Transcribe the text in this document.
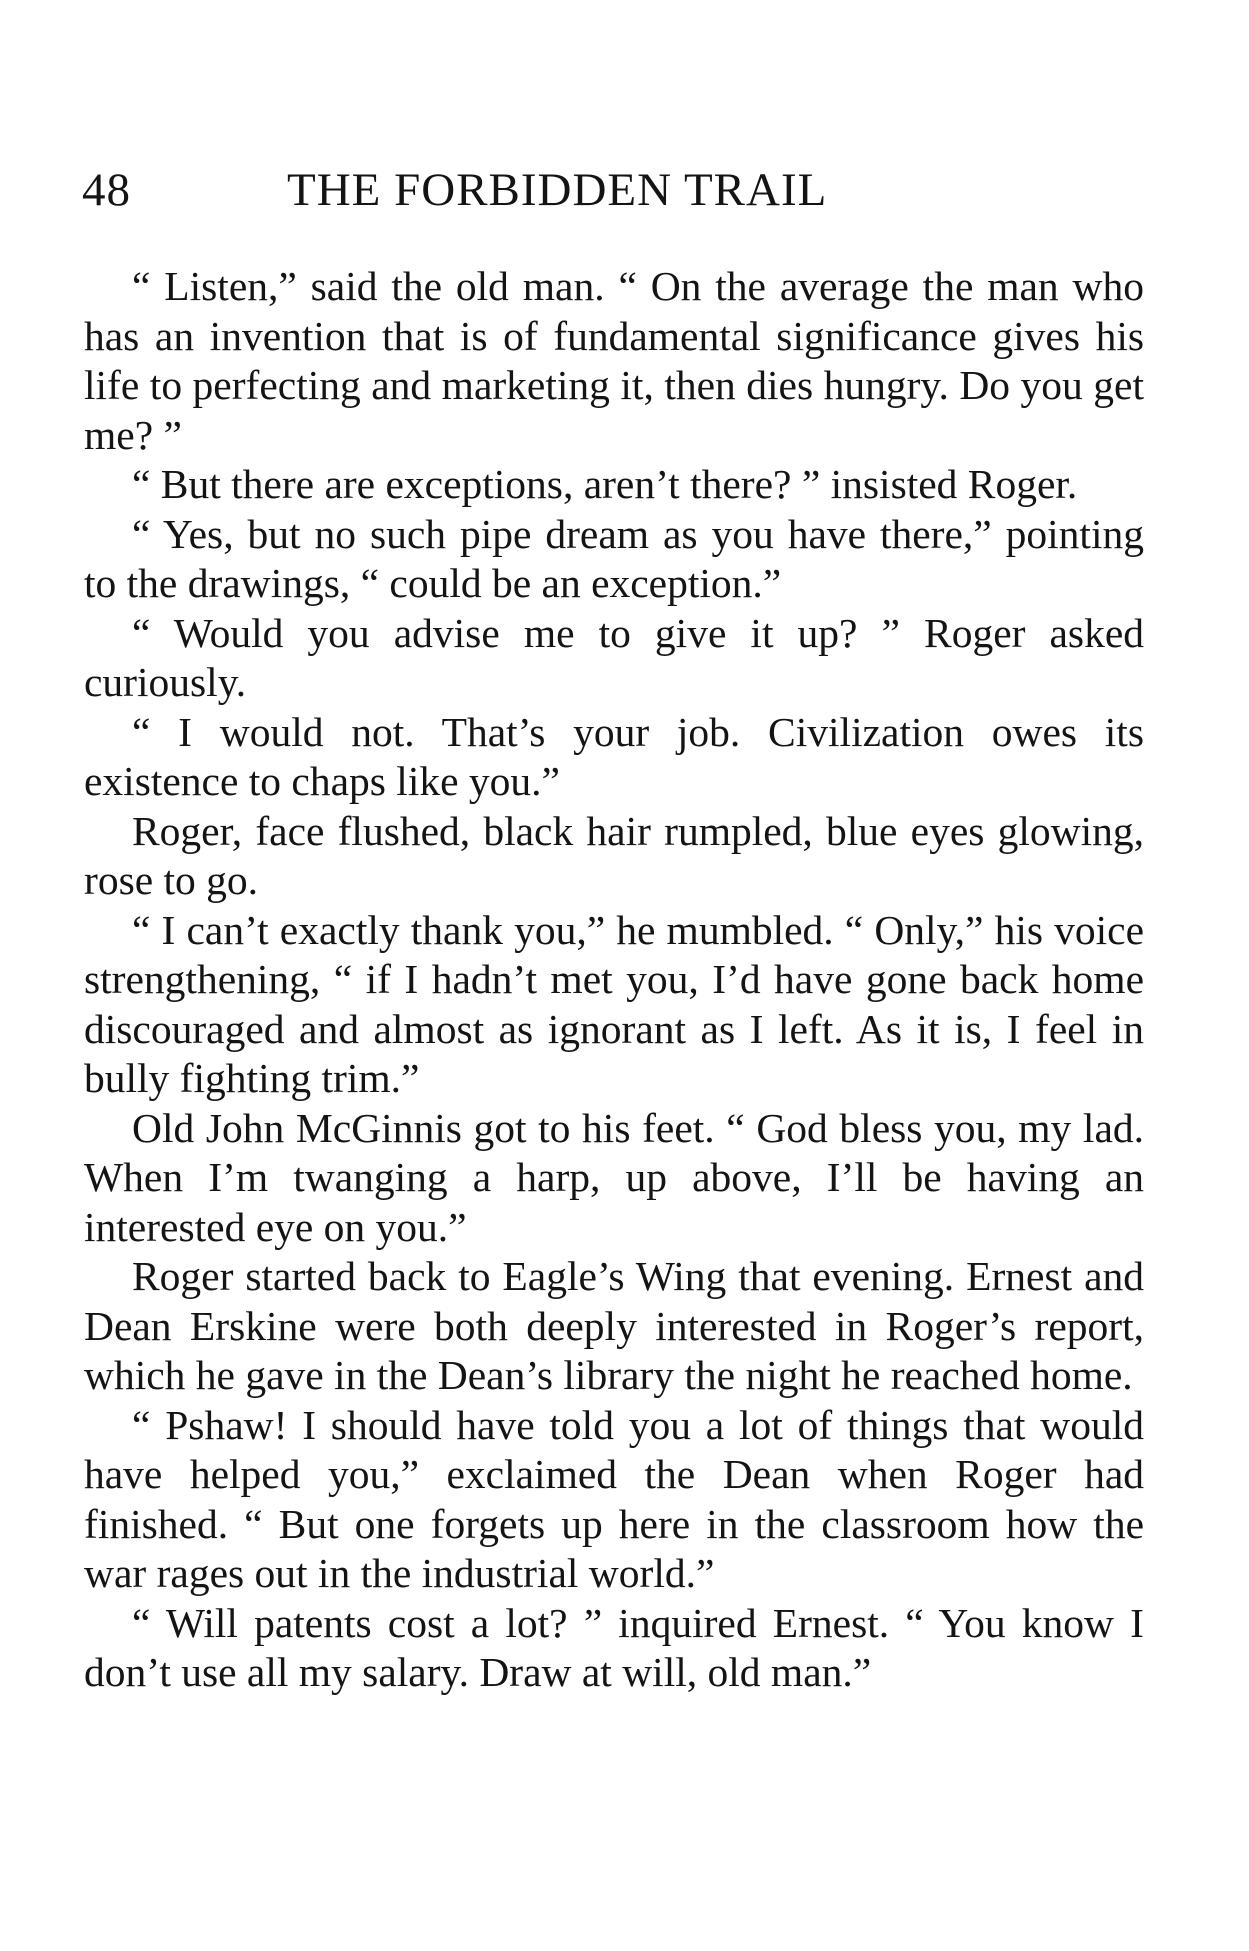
48	THE FORBIDDEN TRAIL

“ Listen,” said the old man. “ On the average the man who has an invention that is of fundamental significance gives his life to perfecting and marketing it, then dies hungry. Do you get me? ”

“ But there are exceptions, aren’t there? ” insisted Roger.

“ Yes, but no such pipe dream as you have there,” pointing to the drawings, “ could be an exception.”

“ Would you advise me to give it up? ” Roger asked curiously.

“ I would not. That’s your job. Civilization owes its existence to chaps like you.”

Roger, face flushed, black hair rumpled, blue eyes glowing, rose to go.

“ I can’t exactly thank you,” he mumbled. “ Only,” his voice strengthening, “ if I hadn’t met you, I’d have gone back home discouraged and almost as ignorant as I left. As it is, I feel in bully fighting trim.”

Old John McGinnis got to his feet. “ God bless you, my lad. When I’m twanging a harp, up above, I’ll be having an interested eye on you.”

Roger started back to Eagle’s Wing that evening. Ernest and Dean Erskine were both deeply interested in Roger’s report, which he gave in the Dean’s library the night he reached home.

“ Pshaw! I should have told you a lot of things that would have helped you,” exclaimed the Dean when Roger had finished. “ But one forgets up here in the classroom how the war rages out in the industrial world.”

“ Will patents cost a lot? ” inquired Ernest. “ You know I don’t use all my salary. Draw at will, old man.”
